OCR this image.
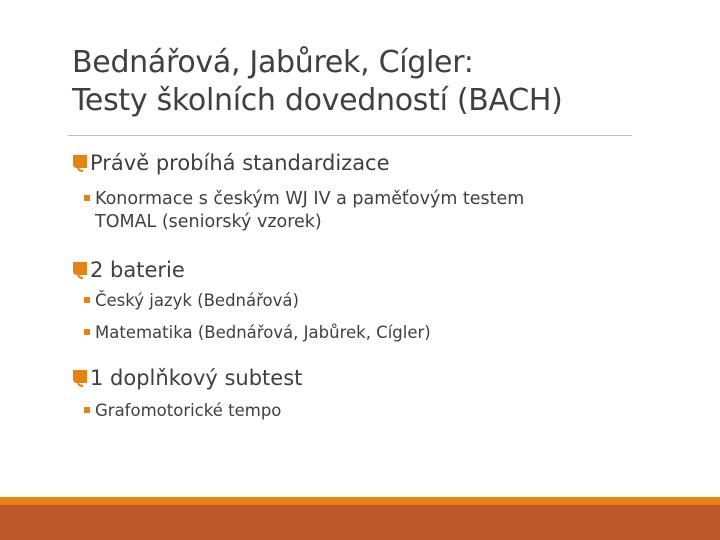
Bednářová, Jabůrek, Cígler:
Testy školních dovedností (BACH)
Právě probíhá standardizace
Konormace s českým WJ IV a paměťovým testem
TOMAL (seniorský vzorek)
2 baterie
Český jazyk (Bednářová)
Matematika (Bednářová, Jabůrek, Cígler)
1 doplňkový subtest
Grafomotorické tempo
